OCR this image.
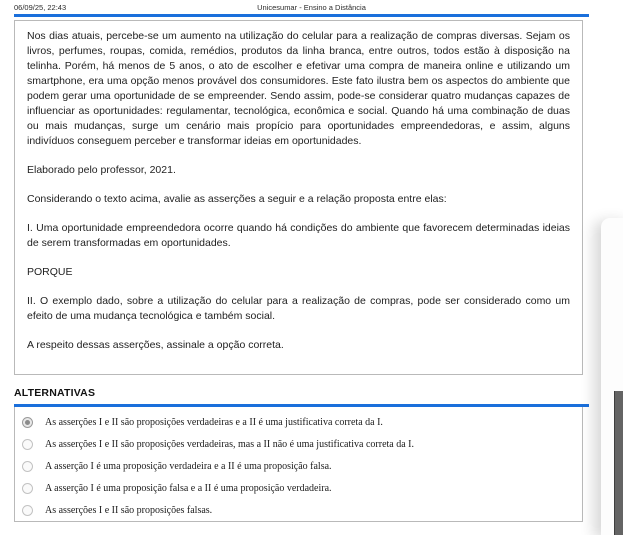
06/09/25, 22:43	Unicesumar - Ensino a Distância

Nos dias atuais, percebe-se um aumento na utilização do celular para a realização de compras diversas. Sejam os livros, perfumes, roupas, comida, remédios, produtos da linha branca, entre outros, todos estão à disposição na telinha. Porém, há menos de 5 anos, o ato de escolher e efetivar uma compra de maneira online e utilizando um smartphone, era uma opção menos provável dos consumidores. Este fato ilustra bem os aspectos do ambiente que podem gerar uma oportunidade de se empreender. Sendo assim, pode-se considerar quatro mudanças capazes de influenciar as oportunidades: regulamentar, tecnológica, econômica e social. Quando há uma combinação de duas ou mais mudanças, surge um cenário mais propício para oportunidades empreendedoras, e assim, alguns indivíduos conseguem perceber e transformar ideias em oportunidades.

Elaborado pelo professor, 2021.

Considerando o texto acima, avalie as asserções a seguir e a relação proposta entre elas:

I. Uma oportunidade empreendedora ocorre quando há condições do ambiente que favorecem determinadas ideias de serem transformadas em oportunidades.

PORQUE

II. O exemplo dado, sobre a utilização do celular para a realização de compras, pode ser considerado como um efeito de uma mudança tecnológica e também social.

A respeito dessas asserções, assinale a opção correta.

ALTERNATIVAS
As asserções I e II são proposições verdadeiras e a II é uma justificativa correta da I.
As asserções I e II são proposições verdadeiras, mas a II não é uma justificativa correta da I.
A asserção I é uma proposição verdadeira e a II é uma proposição falsa.
A asserção I é uma proposição falsa e a II é uma proposição verdadeira.
As asserções I e II são proposições falsas.
